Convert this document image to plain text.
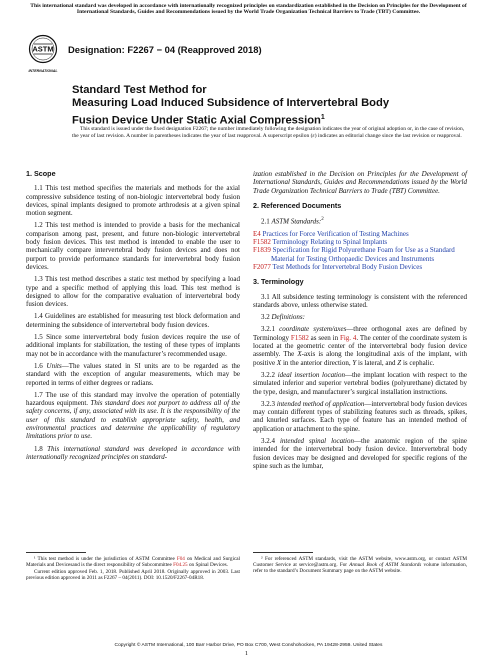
This international standard was developed in accordance with internationally recognized principles on standardization established in the Decision on Principles for the Development of International Standards, Guides and Recommendations issued by the World Trade Organization Technical Barriers to Trade (TBT) Committee.
ASTM
INTERNATIONAL
Designation: F2267 − 04 (Reapproved 2018)
Standard Test Method for
Measuring Load Induced Subsidence of Intervertebral Body
Fusion Device Under Static Axial Compression$^1$
This standard is issued under the fixed designation F2267; the number immediately following the designation indicates the year of original adoption or, in the case of revision, the year of last revision. A number in parentheses indicates the year of last reapproval. A superscript epsilon (ε) indicates an editorial change since the last revision or reapproval.
1. Scope

1.1 This test method specifies the materials and methods for the axial compressive subsidence testing of non-biologic intervertebral body fusion devices, spinal implants designed to promote arthrodesis at a given spinal motion segment.

1.2 This test method is intended to provide a basis for the mechanical comparison among past, present, and future non-biologic intervertebral body fusion devices. This test method is intended to enable the user to mechanically compare intervertebral body fusion devices and does not purport to provide performance standards for intervertebral body fusion devices.

1.3 This test method describes a static test method by specifying a load type and a specific method of applying this load. This test method is designed to allow for the comparative evaluation of intervertebral body fusion devices.

1.4 Guidelines are established for measuring test block deformation and determining the subsidence of intervertebral body fusion devices.

1.5 Since some intervertebral body fusion devices require the use of additional implants for stabilization, the testing of these types of implants may not be in accordance with the manufacturer’s recommended usage.

1.6 Units—The values stated in SI units are to be regarded as the standard with the exception of angular measurements, which may be reported in terms of either degrees or radians.

1.7 The use of this standard may involve the operation of potentially hazardous equipment. This standard does not purport to address all of the safety concerns, if any, associated with its use. It is the responsibility of the user of this standard to establish appropriate safety, health, and environmental practices and determine the applicability of regulatory limitations prior to use.

1.8 This international standard was developed in accordance with internationally recognized principles on standard-

ization established in the Decision on Principles for the Development of International Standards, Guides and Recommendations issued by the World Trade Organization Technical Barriers to Trade (TBT) Committee.

2. Referenced Documents

2.1 ASTM Standards:$^2$

E4 Practices for Force Verification of Testing Machines
F1582 Terminology Relating to Spinal Implants
F1839 Specification for Rigid Polyurethane Foam for Use as a Standard Material for Testing Orthopaedic Devices and Instruments
F2077 Test Methods for Intervertebral Body Fusion Devices
3. Terminology

3.1 All subsidence testing terminology is consistent with the referenced standards above, unless otherwise stated.

3.2 Definitions:

3.2.1 coordinate system/axes—three orthogonal axes are defined by Terminology F1582 as seen in Fig. 4. The center of the coordinate system is located at the geometric center of the intervertebral body fusion device assembly. The X-axis is along the longitudinal axis of the implant, with positive X in the anterior direction, Y is lateral, and Z is cephalic.

3.2.2 ideal insertion location—the implant location with respect to the simulated inferior and superior vertebral bodies (polyurethane) dictated by the type, design, and manufacturer’s surgical installation instructions.

3.2.3 intended method of application—intervertebral body fusion devices may contain different types of stabilizing features such as threads, spikes, and knurled surfaces. Each type of feature has an intended method of application or attachment to the spine.

3.2.4 intended spinal location—the anatomic region of the spine intended for the intervertebral body fusion device. Intervertebral body fusion devices may be designed and developed for specific regions of the spine such as the lumbar,

¹ This test method is under the jurisdiction of ASTM Committee F04 on Medical and Surgical Materials and Devicesand is the direct responsibility of Subcommittee F04.25 on Spinal Devices.
Current edition approved Feb. 1, 2018. Published April 2018. Originally approved in 2003. Last previous edition approved in 2011 as F2267 – 04(2011). DOI: 10.1520/F2267-04R18.
² For referenced ASTM standards, visit the ASTM website, www.astm.org, or contact ASTM Customer Service at service@astm.org. For Annual Book of ASTM Standards volume information, refer to the standard’s Document Summary page on the ASTM website.
Copyright © ASTM International, 100 Barr Harbor Drive, PO Box C700, West Conshohocken, PA 19428-2959. United States
1
